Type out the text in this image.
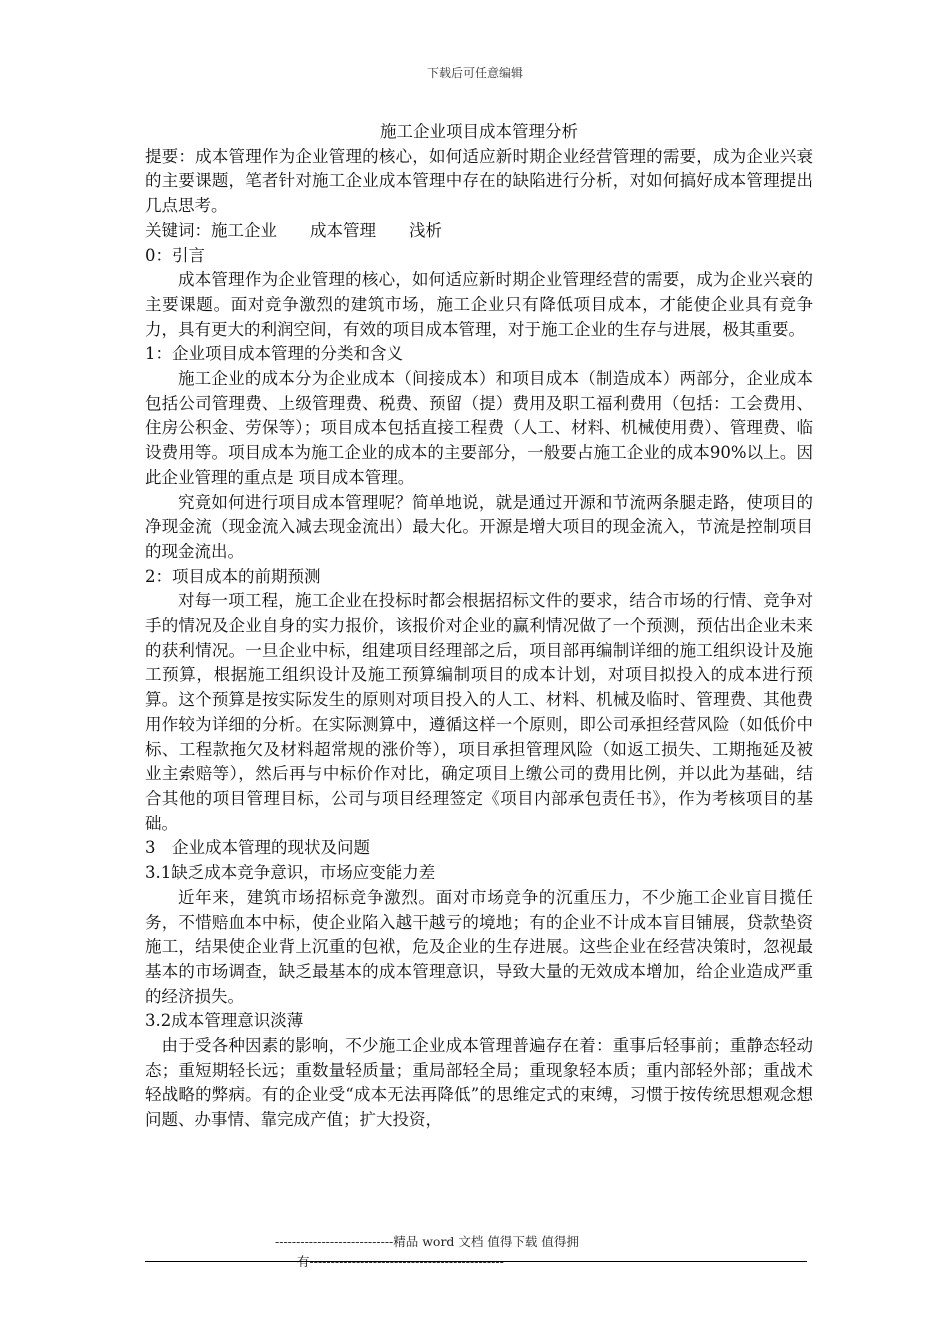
下载后可任意编辑

施工企业项目成本管理分析

提要：成本管理作为企业管理的核心，如何适应新时期企业经营管理的需要，成为企业兴衰的主要课题，笔者针对施工企业成本管理中存在的缺陷进行分析，对如何搞好成本管理提出几点思考。

关键词：施工企业　　成本管理　　浅析

0：引言

成本管理作为企业管理的核心，如何适应新时期企业管理经营的需要，成为企业兴衰的主要课题。面对竞争激烈的建筑市场，施工企业只有降低项目成本，才能使企业具有竞争力，具有更大的利润空间，有效的项目成本管理，对于施工企业的生存与进展，极其重要。

1：企业项目成本管理的分类和含义

施工企业的成本分为企业成本（间接成本）和项目成本（制造成本）两部分，企业成本包括公司管理费、上级管理费、税费、预留（提）费用及职工福利费用（包括：工会费用、住房公积金、劳保等）；项目成本包括直接工程费（人工、材料、机械使用费）、管理费、临设费用等。项目成本为施工企业的成本的主要部分，一般要占施工企业的成本90%以上。因此企业管理的重点是 项目成本管理。

究竟如何进行项目成本管理呢？简单地说，就是通过开源和节流两条腿走路，使项目的净现金流（现金流入减去现金流出）最大化。开源是增大项目的现金流入，节流是控制项目的现金流出。

2：项目成本的前期预测

对每一项工程，施工企业在投标时都会根据招标文件的要求，结合市场的行情、竞争对手的情况及企业自身的实力报价，该报价对企业的赢利情况做了一个预测，预估出企业未来的获利情况。一旦企业中标，组建项目经理部之后，项目部再编制详细的施工组织设计及施工预算，根据施工组织设计及施工预算编制项目的成本计划，对项目拟投入的成本进行预算。这个预算是按实际发生的原则对项目投入的人工、材料、机械及临时、管理费、其他费用作较为详细的分析。在实际测算中，遵循这样一个原则，即公司承担经营风险（如低价中标、工程款拖欠及材料超常规的涨价等），项目承担管理风险（如返工损失、工期拖延及被业主索赔等），然后再与中标价作对比，确定项目上缴公司的费用比例，并以此为基础，结合其他的项目管理目标，公司与项目经理签定《项目内部承包责任书》，作为考核项目的基础。

3　企业成本管理的现状及问题

3.1缺乏成本竞争意识，市场应变能力差

近年来，建筑市场招标竞争激烈。面对市场竞争的沉重压力，不少施工企业盲目揽任务，不惜赔血本中标，使企业陷入越干越亏的境地；有的企业不计成本盲目铺展，贷款垫资施工，结果使企业背上沉重的包袱，危及企业的生存进展。这些企业在经营决策时，忽视最基本的市场调查，缺乏最基本的成本管理意识，导致大量的无效成本增加，给企业造成严重的经济损失。

3.2成本管理意识淡薄

由于受各种因素的影响，不少施工企业成本管理普遍存在着：重事后轻事前；重静态轻动态；重短期轻长远；重数量轻质量；重局部轻全局；重现象轻本质；重内部轻外部；重战术轻战略的弊病。有的企业受“成本无法再降低”的思维定式的束缚，习惯于按传统思想观念想问题、办事情、靠完成产值；扩大投资，

----------------------------精品 word 文档 值得下载 值得拥
有----------------------------------------------
